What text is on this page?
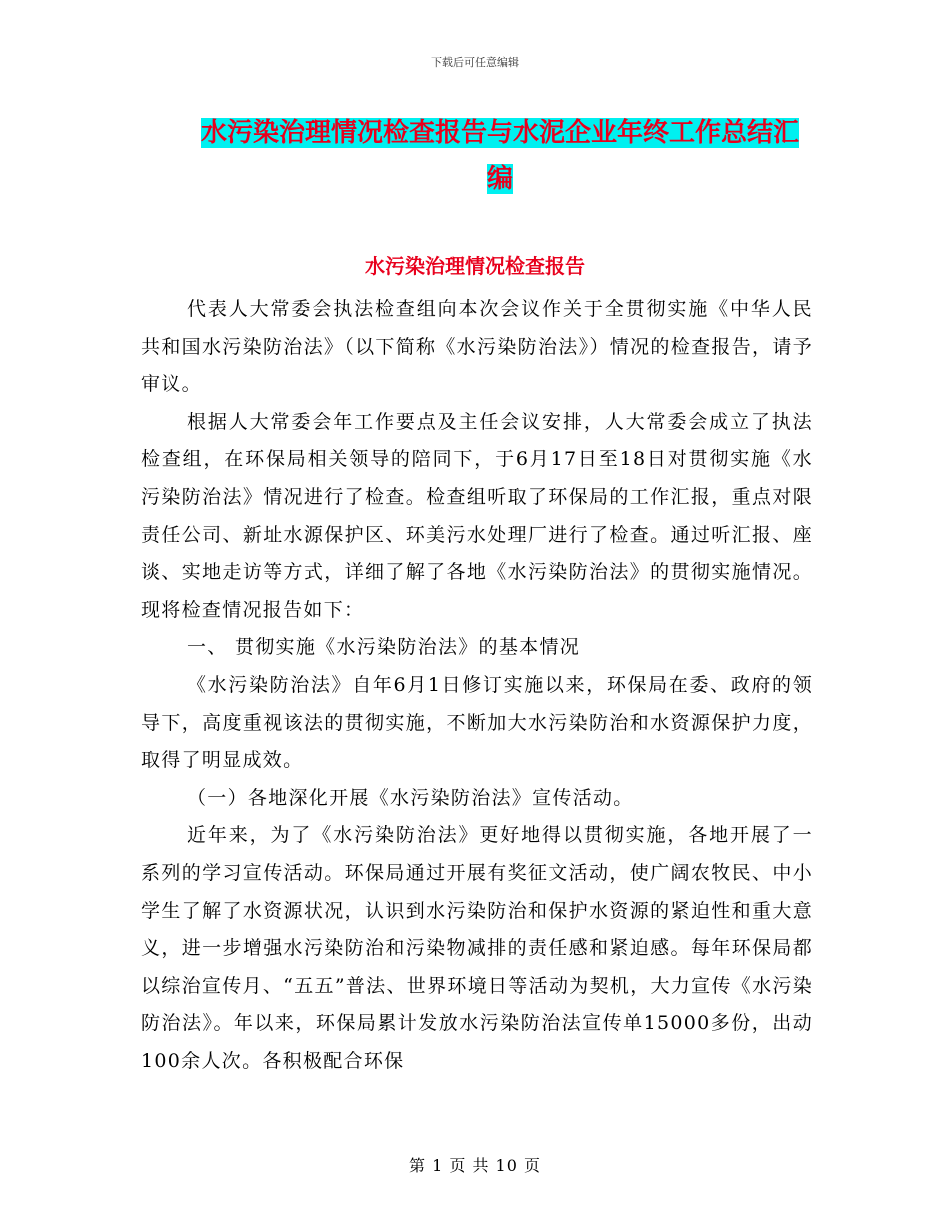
下载后可任意编辑
水污染治理情况检查报告与水泥企业年终工作总结汇编
水污染治理情况检查报告

代表人大常委会执法检查组向本次会议作关于全贯彻实施《中华人民共和国水污染防治法》（以下简称《水污染防治法》）情况的检查报告，请予审议。

根据人大常委会年工作要点及主任会议安排，人大常委会成立了执法检查组，在环保局相关领导的陪同下，于6月17日至18日对贯彻实施《水污染防治法》情况进行了检查。检查组听取了环保局的工作汇报，重点对限责任公司、新址水源保护区、环美污水处理厂进行了检查。通过听汇报、座谈、实地走访等方式，详细了解了各地《水污染防治法》的贯彻实施情况。现将检查情况报告如下：

一、 贯彻实施《水污染防治法》的基本情况

《水污染防治法》自年6月1日修订实施以来，环保局在委、政府的领导下，高度重视该法的贯彻实施，不断加大水污染防治和水资源保护力度，取得了明显成效。

（一）各地深化开展《水污染防治法》宣传活动。

近年来，为了《水污染防治法》更好地得以贯彻实施，各地开展了一系列的学习宣传活动。环保局通过开展有奖征文活动，使广阔农牧民、中小学生了解了水资源状况，认识到水污染防治和保护水资源的紧迫性和重大意义，进一步增强水污染防治和污染物减排的责任感和紧迫感。每年环保局都以综治宣传月、“五五”普法、世界环境日等活动为契机，大力宣传《水污染防治法》。年以来，环保局累计发放水污染防治法宣传单15000多份，出动100余人次。各积极配合环保

第 1 页 共 10 页
